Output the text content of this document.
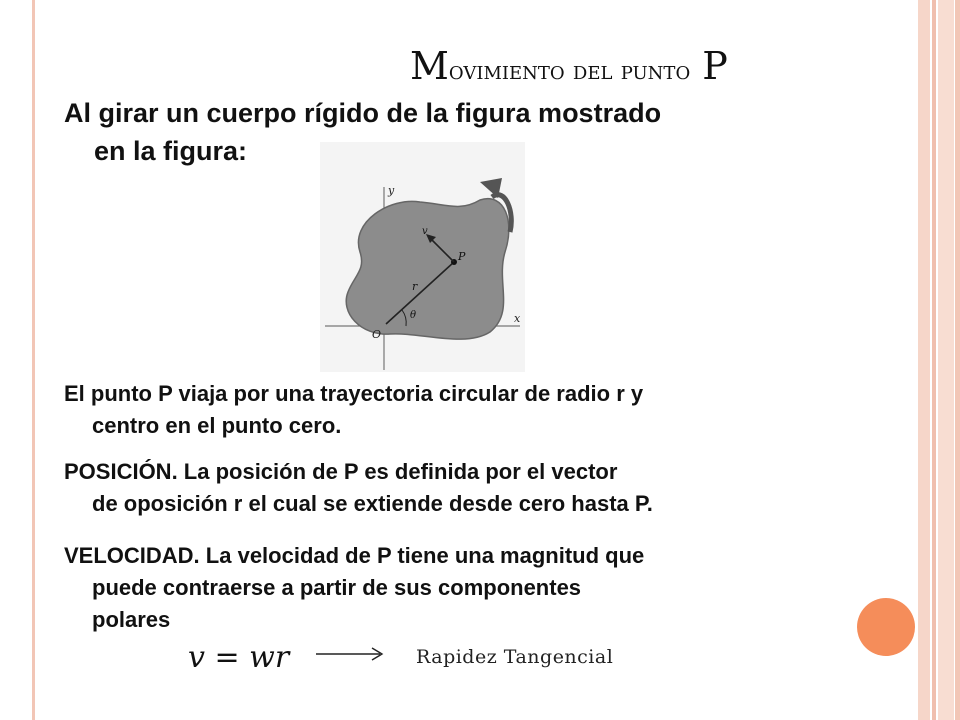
Movimiento del punto P
Al girar un cuerpo rígido de la figura mostrado
en la figura:
y
x
O
P
r
θ
v
El punto P viaja por una trayectoria circular de radio r y
centro en el punto cero.
POSICIÓN. La posición de P es definida por el vector
de oposición r el cual se extiende desde cero hasta P.
VELOCIDAD. La velocidad de P tiene una magnitud que
puede contraerse a partir de sus componentes
polares
v = wr	Rapidez Tangencial
